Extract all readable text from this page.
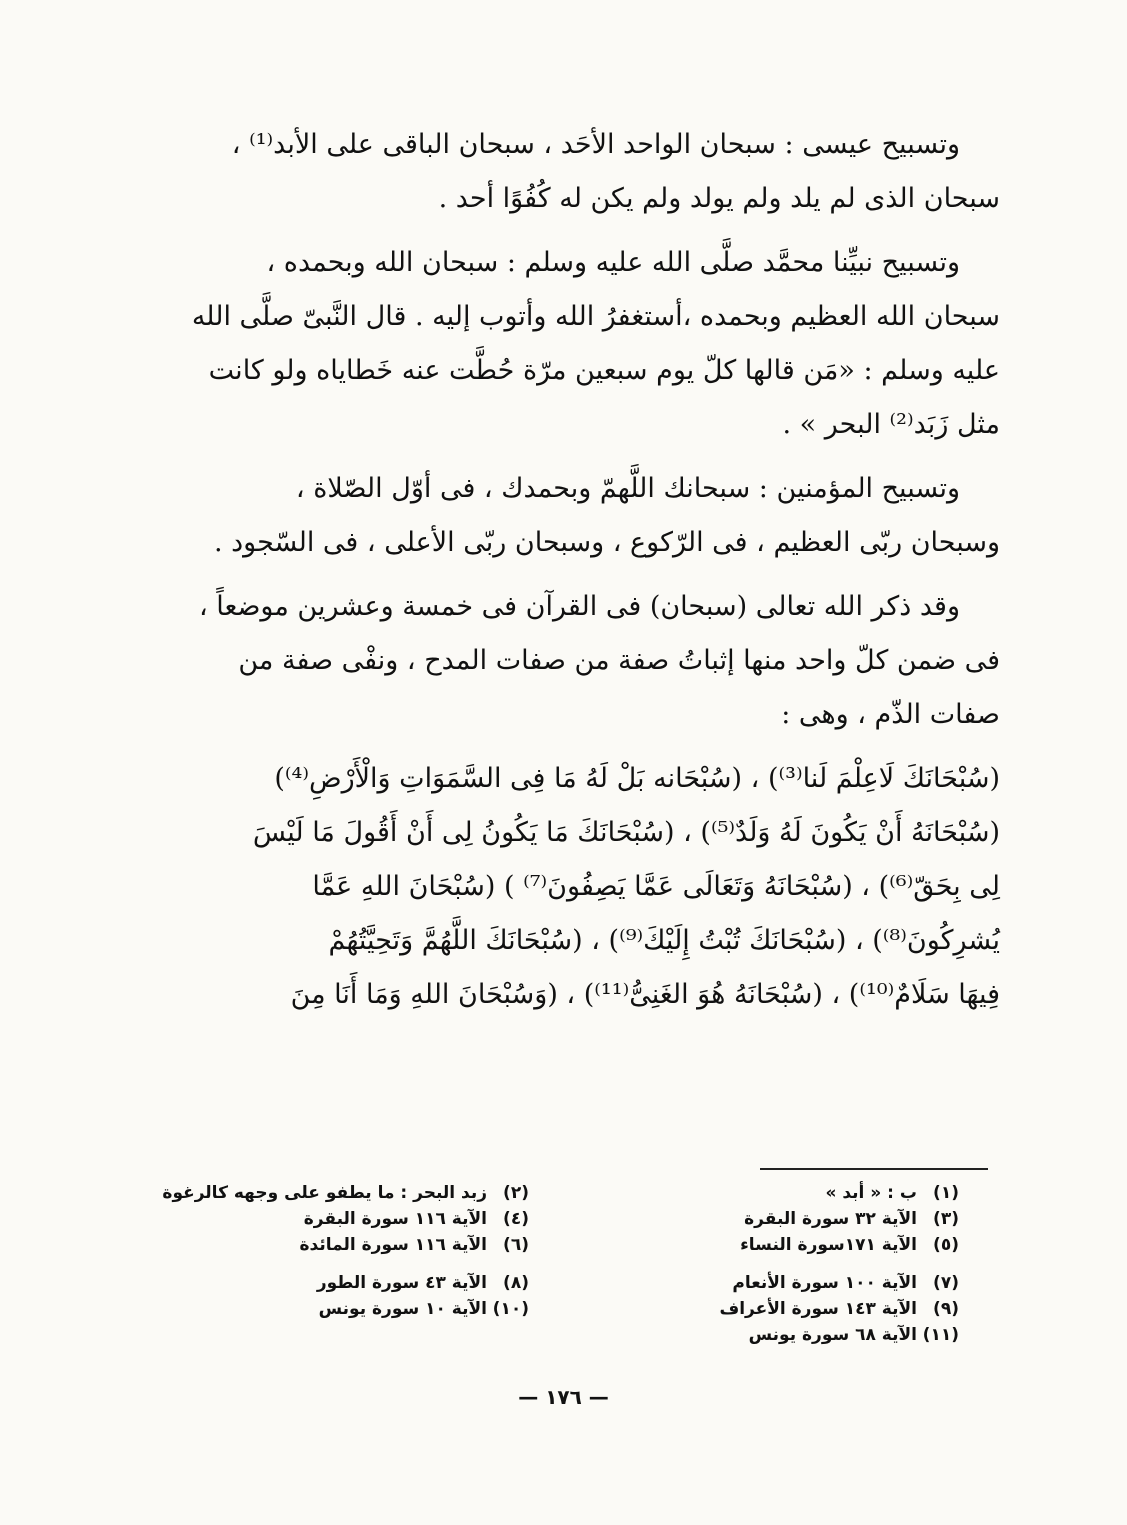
وتسبيح عيسى : سبحان الواحد الأحَد ، سبحان الباقى على الأبد⁽¹⁾ ،
سبحان الذى لم يلد ولم يولد ولم يكن له كُفُوًا أحد .

وتسبيح نبيِّنا محمَّد صلَّى الله عليه وسلم : سبحان الله وبحمده ،
سبحان الله العظيم وبحمده ،أستغفرُ الله وأتوب إليه . قال النَّبىّ صلَّى الله
عليه وسلم : «مَن قالها كلّ يوم سبعين مرّة حُطَّت عنه خَطاياه ولو كانت
مثل زَبَد⁽²⁾ البحر » .

وتسبيح المؤمنين : سبحانك اللَّهمّ وبحمدك ، فى أوّل الصّلاة ،
وسبحان ربّى العظيم ، فى الرّكوع ، وسبحان ربّى الأعلى ، فى السّجود .

وقد ذكر الله تعالى (سبحان) فى القرآن فى خمسة وعشرين موضعاً ،
فى ضمن كلّ واحد منها إثباتُ صفة من صفات المدح ، ونفْى صفة من
صفات الذّم ، وهى :

(سُبْحَانَكَ لَاعِلْمَ لَنا⁽³⁾) ، (سُبْحَانه بَلْ لَهُ مَا فِى السَّمَوَاتِ وَالْأَرْضِ⁽⁴⁾)
(سُبْحَانَهُ أَنْ يَكُونَ لَهُ وَلَدٌ⁽⁵⁾) ، (سُبْحَانَكَ مَا يَكُونُ لِى أَنْ أَقُولَ مَا لَيْسَ
لِى بِحَقّ⁽⁶⁾) ، (سُبْحَانَهُ وَتَعَالَى عَمَّا يَصِفُونَ⁽⁷⁾ ) (سُبْحَانَ اللهِ عَمَّا
يُشرِكُونَ⁽⁸⁾) ، (سُبْحَانَكَ تُبْتُ إِلَيْكَ⁽⁹⁾) ، (سُبْحَانَكَ اللَّهُمَّ وَتَحِيَّتُهُمْ
فِيهَا سَلَامٌ⁽¹⁰⁾) ، (سُبْحَانَهُ هُوَ الغَنِىُّ⁽¹¹⁾) ، (وَسُبْحَانَ اللهِ وَمَا أَنَا مِنَ

(١)ب : « أبد »
(٣)الآية ٣٢ سورة البقرة
(٥)الآية ١٧١سورة النساء
(٧)الآية ١٠٠ سورة الأنعام
(٩)الآية ١٤٣ سورة الأعراف
(١١)الآية ٦٨ سورة يونس
(٢)زبد البحر : ما يطفو على وجهه كالرغوة
(٤)الآية ١١٦ سورة البقرة
(٦)الآية ١١٦ سورة المائدة
(٨)الآية ٤٣ سورة الطور
(١٠)الآية ١٠ سورة يونس
— ١٧٦ —
